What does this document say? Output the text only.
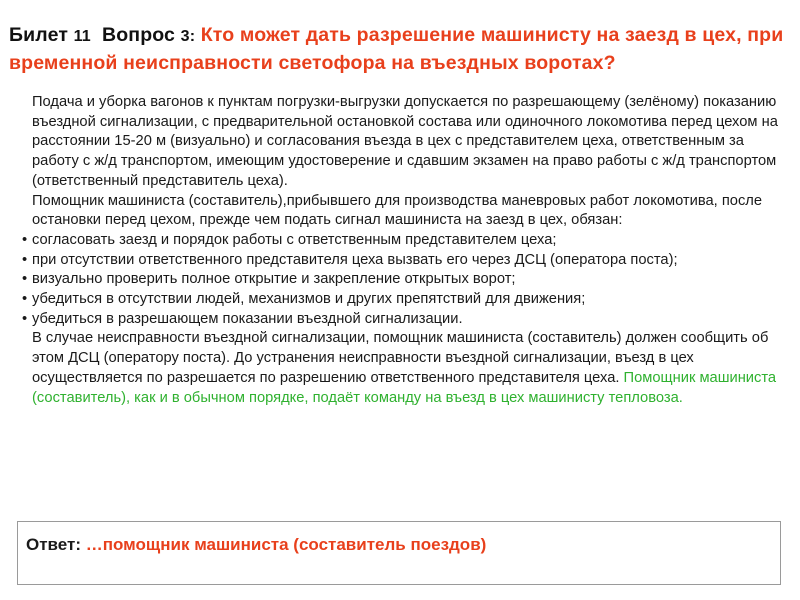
Билет 11 Вопрос 3: Кто может дать разрешение машинисту на заезд в цех, при временной неисправности светофора на въездных воротах?
Подача и уборка вагонов к пунктам погрузки-выгрузки допускается по разрешающему (зелёному) показанию въездной сигнализации, с предварительной остановкой состава или одиночного локомотива перед цехом на расстоянии 15-20 м (визуально) и согласования въезда в цех с представителем цеха, ответственным за работу с ж/д транспортом, имеющим удостоверение и сдавшим экзамен на право работы с ж/д транспортом (ответственный представитель цеха).
Помощник машиниста (составитель),прибывшего для производства маневровых работ локомотива, после остановки перед цехом, прежде чем подать сигнал машиниста на заезд в цех, обязан:
• согласовать заезд и порядок работы с ответственным представителем цеха;
• при отсутствии ответственного представителя цеха вызвать его через ДСЦ (оператора поста);
• визуально проверить полное открытие и закрепление открытых ворот;
• убедиться в отсутствии людей, механизмов и других препятствий для движения;
• убедиться в разрешающем показании въездной сигнализации.
В случае неисправности въездной сигнализации, помощник машиниста (составитель) должен сообщить об этом ДСЦ (оператору поста). До устранения неисправности въездной сигнализации, въезд в цех осуществляется по разрешается по разрешению ответственного представителя цеха. Помощник машиниста (составитель), как и в обычном порядке, подаёт команду на въезд в цех машинисту тепловоза.
Ответ: …помощник машиниста (составитель поездов)
